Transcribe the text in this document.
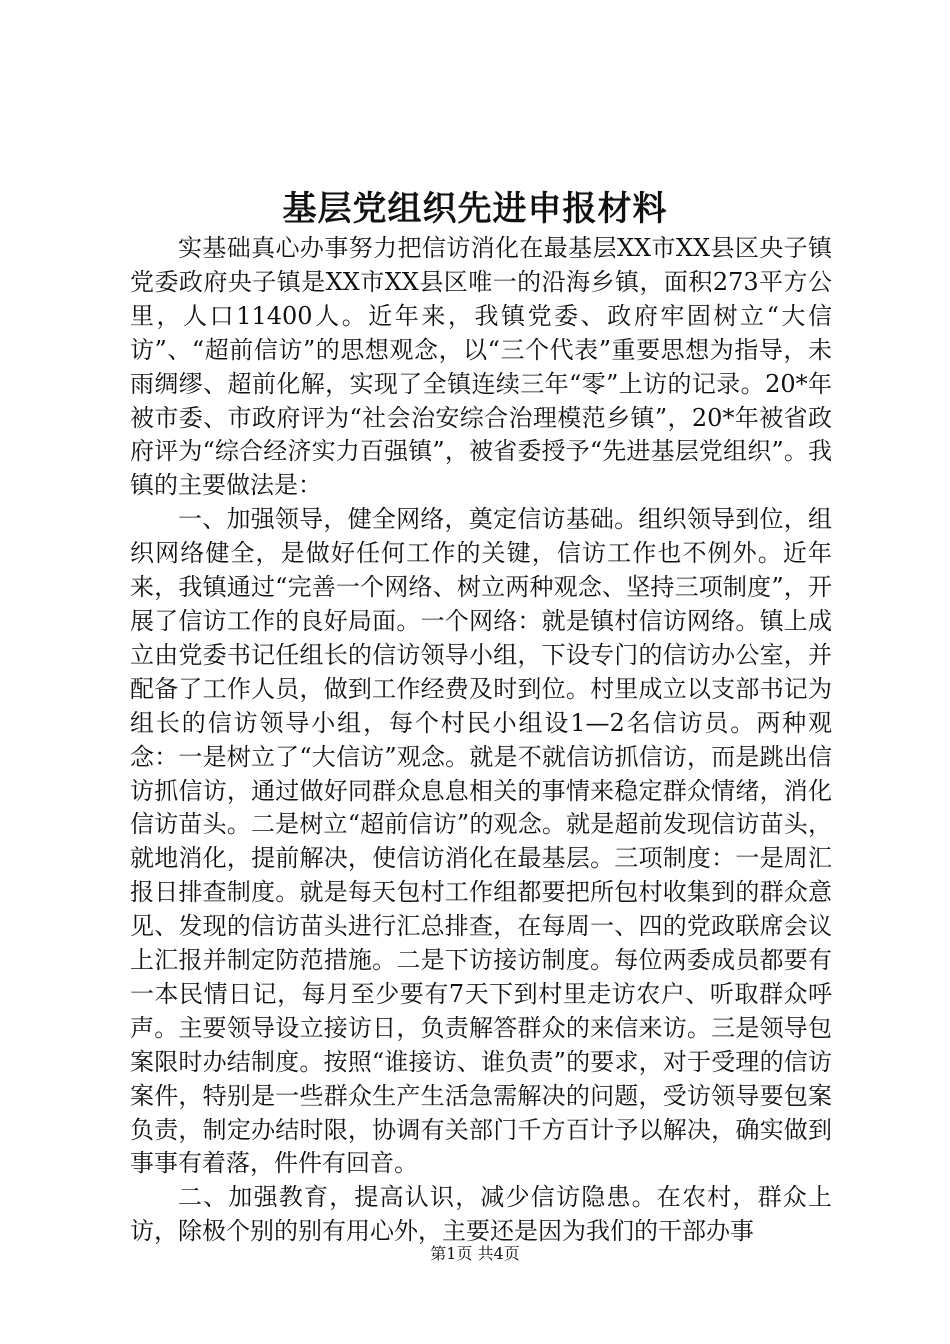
基层党组织先进申报材料

实基础真心办事努力把信访消化在最基层XX市XX县区央子镇党委政府央子镇是XX市XX县区唯一的沿海乡镇，面积273平方公里，人口11400人。近年来，我镇党委、政府牢固树立“大信访”、“超前信访”的思想观念，以“三个代表”重要思想为指导，未雨绸缪、超前化解，实现了全镇连续三年“零”上访的记录。20*年被市委、市政府评为“社会治安综合治理模范乡镇”，20*年被省政府评为“综合经济实力百强镇”，被省委授予“先进基层党组织”。我镇的主要做法是：

一、加强领导，健全网络，奠定信访基础。组织领导到位，组织网络健全，是做好任何工作的关键，信访工作也不例外。近年来，我镇通过“完善一个网络、树立两种观念、坚持三项制度”，开展了信访工作的良好局面。一个网络：就是镇村信访网络。镇上成立由党委书记任组长的信访领导小组，下设专门的信访办公室，并配备了工作人员，做到工作经费及时到位。村里成立以支部书记为组长的信访领导小组，每个村民小组设1—2名信访员。两种观念：一是树立了“大信访”观念。就是不就信访抓信访，而是跳出信访抓信访，通过做好同群众息息相关的事情来稳定群众情绪，消化信访苗头。二是树立“超前信访”的观念。就是超前发现信访苗头，就地消化，提前解决，使信访消化在最基层。三项制度：一是周汇报日排查制度。就是每天包村工作组都要把所包村收集到的群众意见、发现的信访苗头进行汇总排查，在每周一、四的党政联席会议上汇报并制定防范措施。二是下访接访制度。每位两委成员都要有一本民情日记，每月至少要有7天下到村里走访农户、听取群众呼声。主要领导设立接访日，负责解答群众的来信来访。三是领导包案限时办结制度。按照“谁接访、谁负责”的要求，对于受理的信访案件，特别是一些群众生产生活急需解决的问题，受访领导要包案负责，制定办结时限，协调有关部门千方百计予以解决，确实做到事事有着落，件件有回音。

二、加强教育，提高认识，减少信访隐患。在农村，群众上访，除极个别的别有用心外，主要还是因为我们的干部办事

第1页 共4页
